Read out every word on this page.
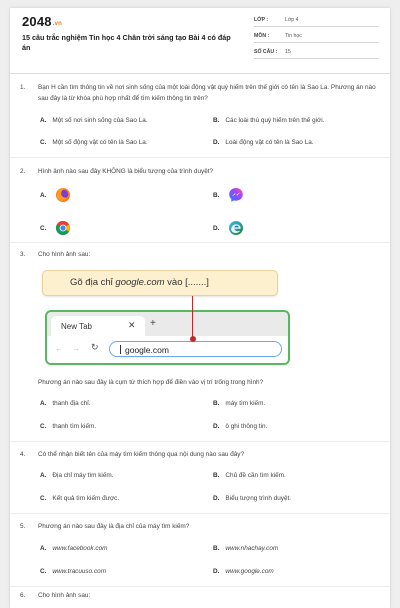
2048.vn
15 câu trắc nghiệm Tin học 4 Chân trời sáng tạo Bài 4 có đáp án
LỚP :	Lớp 4
MÔN :	Tin học
SỐ CÂU : 15
1. Bạn H cần tìm thông tin về nơi sinh sống của một loài động vật quý hiếm trên thế giới có tên là Sao La. Phương án nào sau đây là từ khóa phù hợp nhất để tìm kiếm thông tin trên?
A. Một số nơi sinh sống của Sao La.	B. Các loài thú quý hiếm trên thế giới.
C. Một số động vật có tên là Sao La.	D. Loài động vật có tên là Sao La.
2. Hình ảnh nào sau đây KHÔNG là biểu tượng của trình duyệt?
A.	B.
C.	D.
3. Cho hình ảnh sau:
Gõ địa chỉ google.com vào [.......]
New Tab	✕ +
← → ↻	google.com
Phương án nào sau đây là cụm từ thích hợp để điền vào vị trí trống trong hình?
A. thanh địa chỉ.	B. máy tìm kiếm.
C. thanh tìm kiếm.	D. ô ghi thông tin.
4. Có thể nhận biết tên của máy tìm kiếm thông qua nội dung nào sau đây?
A. Địa chỉ máy tìm kiếm.	B. Chủ đề cần tìm kiếm.
C. Kết quả tìm kiếm được.	D. Biểu tượng trình duyệt.
5. Phương án nào sau đây là địa chỉ của máy tìm kiếm?
A. www.facebook.com	B. www.nhachay.com
C. www.tracuuso.com	D. www.google.com
6. Cho hình ảnh sau:
